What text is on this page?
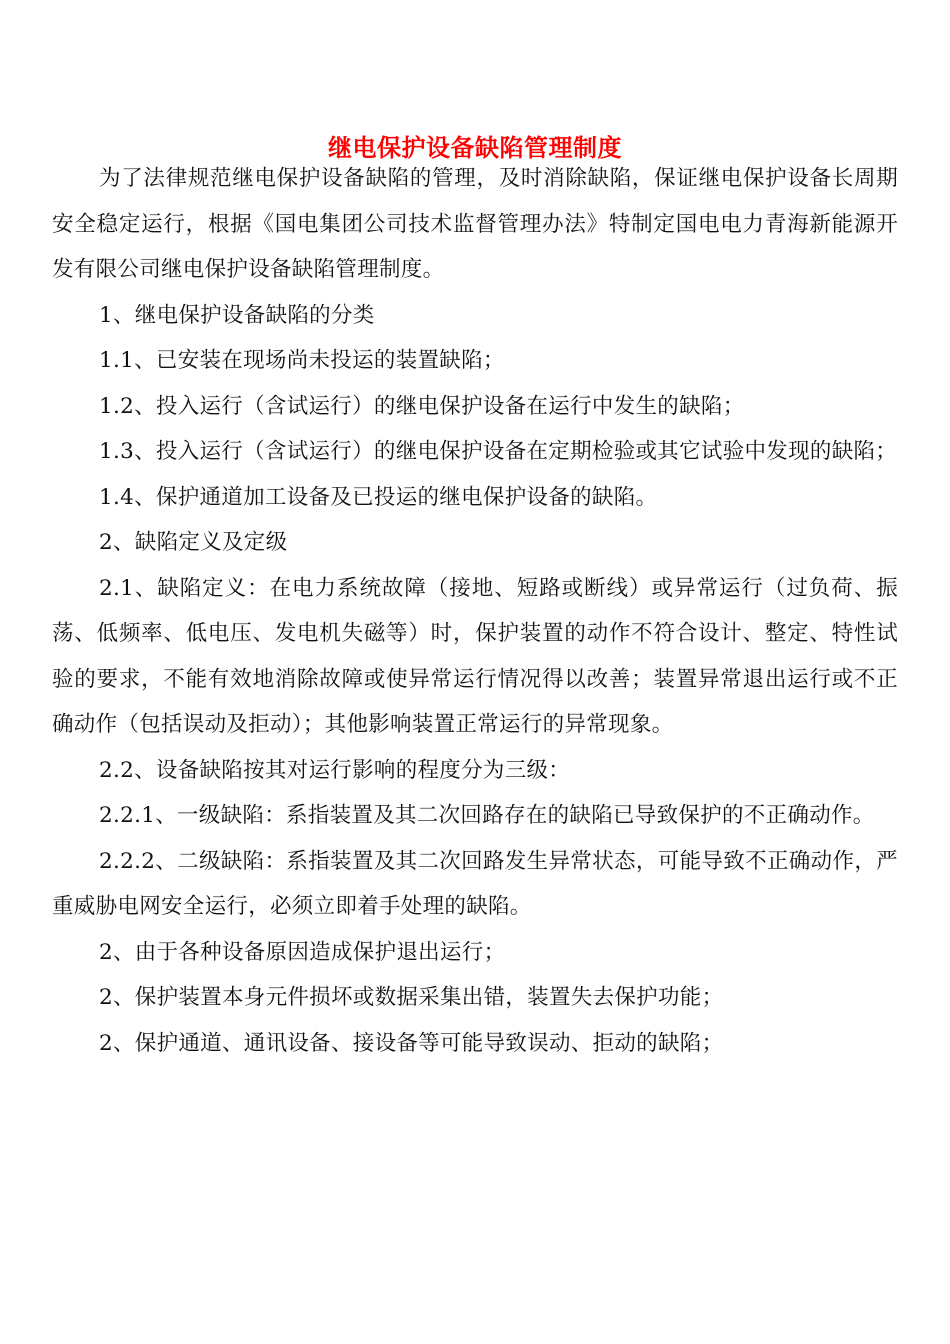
继电保护设备缺陷管理制度

为了法律规范继电保护设备缺陷的管理，及时消除缺陷，保证继电保护设备长周期安全稳定运行，根据《国电集团公司技术监督管理办法》特制定国电电力青海新能源开发有限公司继电保护设备缺陷管理制度。

1、继电保护设备缺陷的分类

1.1、已安装在现场尚未投运的装置缺陷；

1.2、投入运行（含试运行）的继电保护设备在运行中发生的缺陷；

1.3、投入运行（含试运行）的继电保护设备在定期检验或其它试验中发现的缺陷；

1.4、保护通道加工设备及已投运的继电保护设备的缺陷。

2、缺陷定义及定级

2.1、缺陷定义：在电力系统故障（接地、短路或断线）或异常运行（过负荷、振荡、低频率、低电压、发电机失磁等）时，保护装置的动作不符合设计、整定、特性试验的要求，不能有效地消除故障或使异常运行情况得以改善；装置异常退出运行或不正确动作（包括误动及拒动）；其他影响装置正常运行的异常现象。

2.2、设备缺陷按其对运行影响的程度分为三级：

2.2.1、一级缺陷：系指装置及其二次回路存在的缺陷已导致保护的不正确动作。

2.2.2、二级缺陷：系指装置及其二次回路发生异常状态，可能导致不正确动作，严重威胁电网安全运行，必须立即着手处理的缺陷。

2、由于各种设备原因造成保护退出运行；

2、保护装置本身元件损坏或数据采集出错，装置失去保护功能；

2、保护通道、通讯设备、接设备等可能导致误动、拒动的缺陷；
